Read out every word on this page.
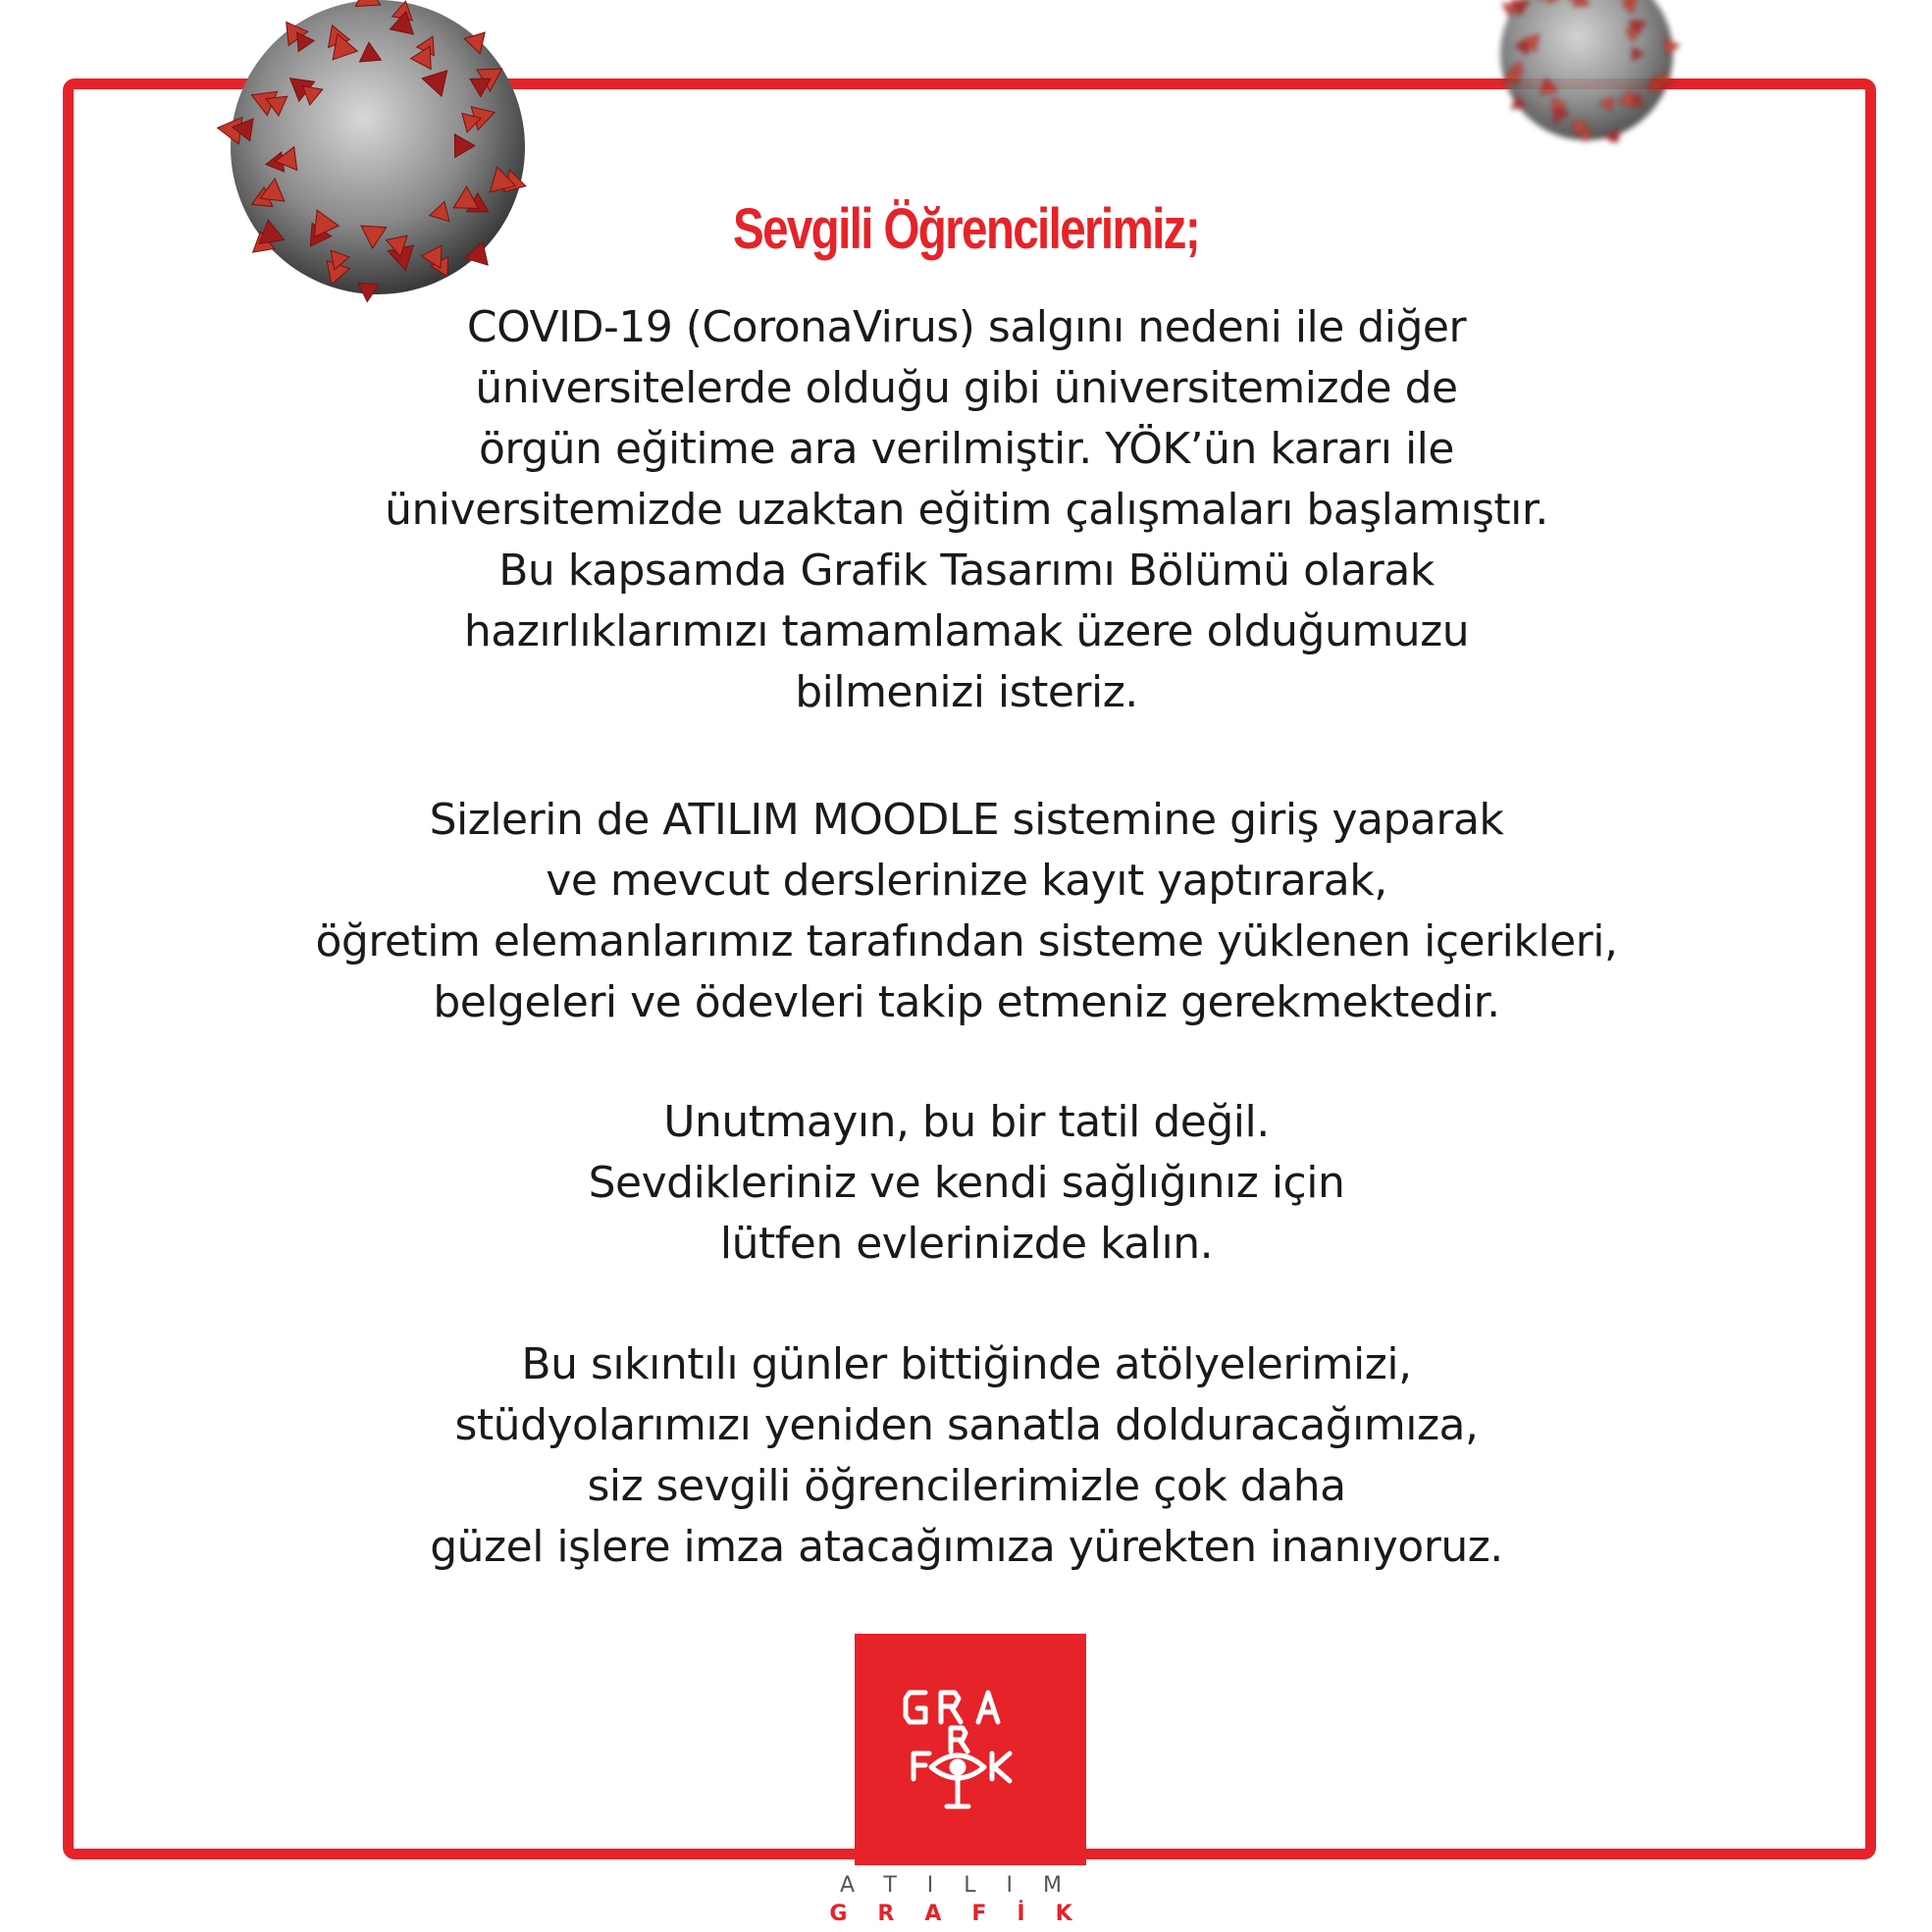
Sevgili Öğrencilerimiz;
COVID-19 (CoronaVirus) salgını nedeni ile diğer
üniversitelerde olduğu gibi üniversitemizde de
örgün eğitime ara verilmiştir. YÖK’ün kararı ile
üniversitemizde uzaktan eğitim çalışmaları başlamıştır.
Bu kapsamda Grafik Tasarımı Bölümü olarak
hazırlıklarımızı tamamlamak üzere olduğumuzu
bilmenizi isteriz.
Sizlerin de ATILIM MOODLE sistemine giriş yaparak
ve mevcut derslerinize kayıt yaptırarak,
öğretim elemanlarımız tarafından sisteme yüklenen içerikleri,
belgeleri ve ödevleri takip etmeniz gerekmektedir.
Unutmayın, bu bir tatil değil.
Sevdikleriniz ve kendi sağlığınız için
lütfen evlerinizde kalın.
Bu sıkıntılı günler bittiğinde atölyelerimizi,
stüdyolarımızı yeniden sanatla dolduracağımıza,
siz sevgili öğrencilerimizle çok daha
güzel işlere imza atacağımıza yürekten inanıyoruz.
ATILIM
GRAFİK
